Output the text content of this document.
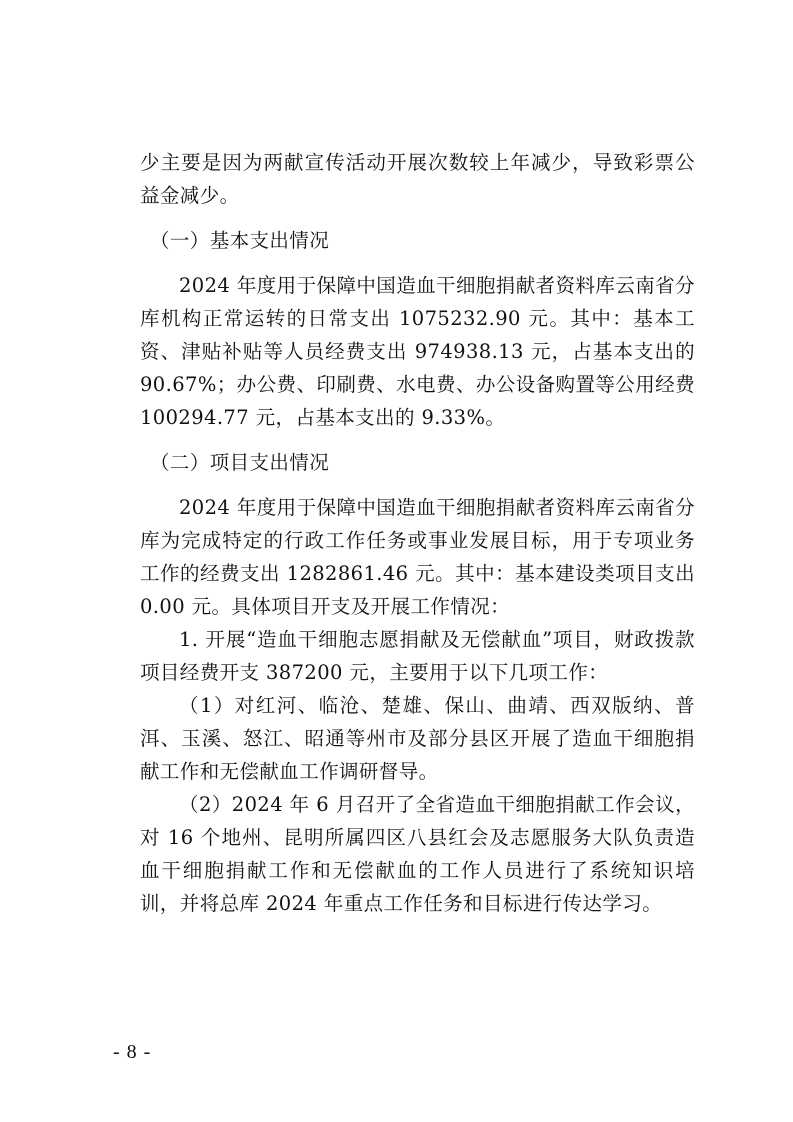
少主要是因为两献宣传活动开展次数较上年减少，导致彩票公益金减少。

（一）基本支出情况

2024 年度用于保障中国造血干细胞捐献者资料库云南省分库机构正常运转的日常支出 1075232.90 元。其中：基本工资、津贴补贴等人员经费支出 974938.13 元，占基本支出的 90.67%；办公费、印刷费、水电费、办公设备购置等公用经费 100294.77 元，占基本支出的 9.33%。

（二）项目支出情况

2024 年度用于保障中国造血干细胞捐献者资料库云南省分库为完成特定的行政工作任务或事业发展目标，用于专项业务工作的经费支出 1282861.46 元。其中：基本建设类项目支出 0.00 元。具体项目开支及开展工作情况：

1. 开展“造血干细胞志愿捐献及无偿献血”项目，财政拨款项目经费开支 387200 元，主要用于以下几项工作：

（1）对红河、临沧、楚雄、保山、曲靖、西双版纳、普洱、玉溪、怒江、昭通等州市及部分县区开展了造血干细胞捐献工作和无偿献血工作调研督导。

（2）2024 年 6 月召开了全省造血干细胞捐献工作会议，对 16 个地州、昆明所属四区八县红会及志愿服务大队负责造血干细胞捐献工作和无偿献血的工作人员进行了系统知识培训，并将总库 2024 年重点工作任务和目标进行传达学习。

- 8 -
